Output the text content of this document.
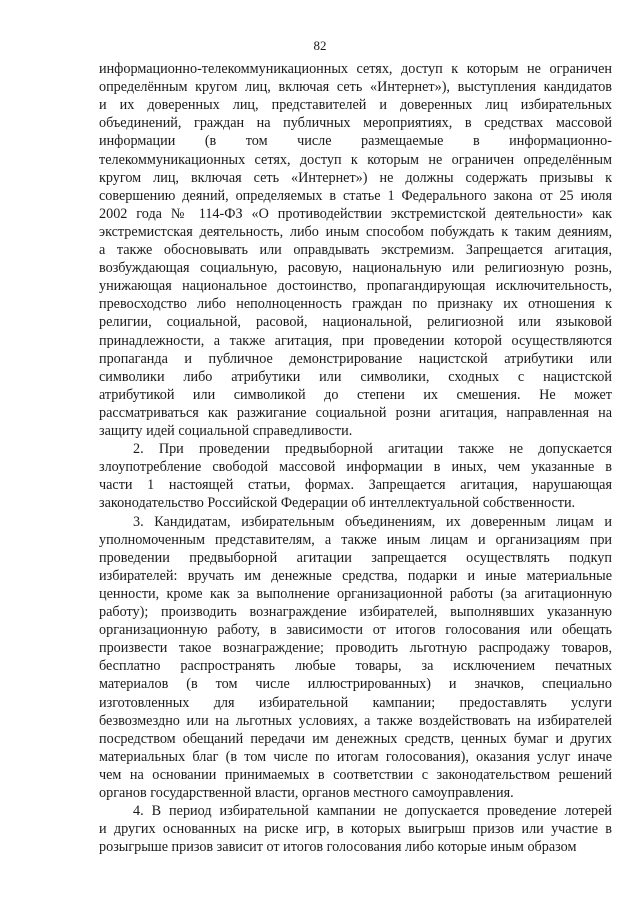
82
информационно-телекоммуникационных сетях, доступ к которым не ограничен
определённым кругом лиц, включая сеть «Интернет»), выступления кандидатов
и их доверенных лиц, представителей и доверенных лиц избирательных
объединений, граждан на публичных мероприятиях, в средствах массовой
информации (в том числе размещаемые в информационно-
телекоммуникационных сетях, доступ к которым не ограничен определённым
кругом лиц, включая сеть «Интернет») не должны содержать призывы к
совершению деяний, определяемых в статье 1 Федерального закона от 25 июля
2002 года № 114-ФЗ «О противодействии экстремистской деятельности» как
экстремистская деятельность, либо иным способом побуждать к таким деяниям,
а также обосновывать или оправдывать экстремизм. Запрещается агитация,
возбуждающая социальную, расовую, национальную или религиозную рознь,
унижающая национальное достоинство, пропагандирующая исключительность,
превосходство либо неполноценность граждан по признаку их отношения к
религии, социальной, расовой, национальной, религиозной или языковой
принадлежности, а также агитация, при проведении которой осуществляются
пропаганда и публичное демонстрирование нацистской атрибутики или
символики либо атрибутики или символики, сходных с нацистской
атрибутикой или символикой до степени их смешения. Не может
рассматриваться как разжигание социальной розни агитация, направленная на
защиту идей социальной справедливости.
2. При проведении предвыборной агитации также не допускается
злоупотребление свободой массовой информации в иных, чем указанные в
части 1 настоящей статьи, формах. Запрещается агитация, нарушающая
законодательство Российской Федерации об интеллектуальной собственности.
3. Кандидатам, избирательным объединениям, их доверенным лицам и
уполномоченным представителям, а также иным лицам и организациям при
проведении предвыборной агитации запрещается осуществлять подкуп
избирателей: вручать им денежные средства, подарки и иные материальные
ценности, кроме как за выполнение организационной работы (за агитационную
работу); производить вознаграждение избирателей, выполнявших указанную
организационную работу, в зависимости от итогов голосования или обещать
произвести такое вознаграждение; проводить льготную распродажу товаров,
бесплатно распространять любые товары, за исключением печатных
материалов (в том числе иллюстрированных) и значков, специально
изготовленных для избирательной кампании; предоставлять услуги
безвозмездно или на льготных условиях, а также воздействовать на избирателей
посредством обещаний передачи им денежных средств, ценных бумаг и других
материальных благ (в том числе по итогам голосования), оказания услуг иначе
чем на основании принимаемых в соответствии с законодательством решений
органов государственной власти, органов местного самоуправления.
4. В период избирательной кампании не допускается проведение лотерей
и других основанных на риске игр, в которых выигрыш призов или участие в
розыгрыше призов зависит от итогов голосования либо которые иным образом
